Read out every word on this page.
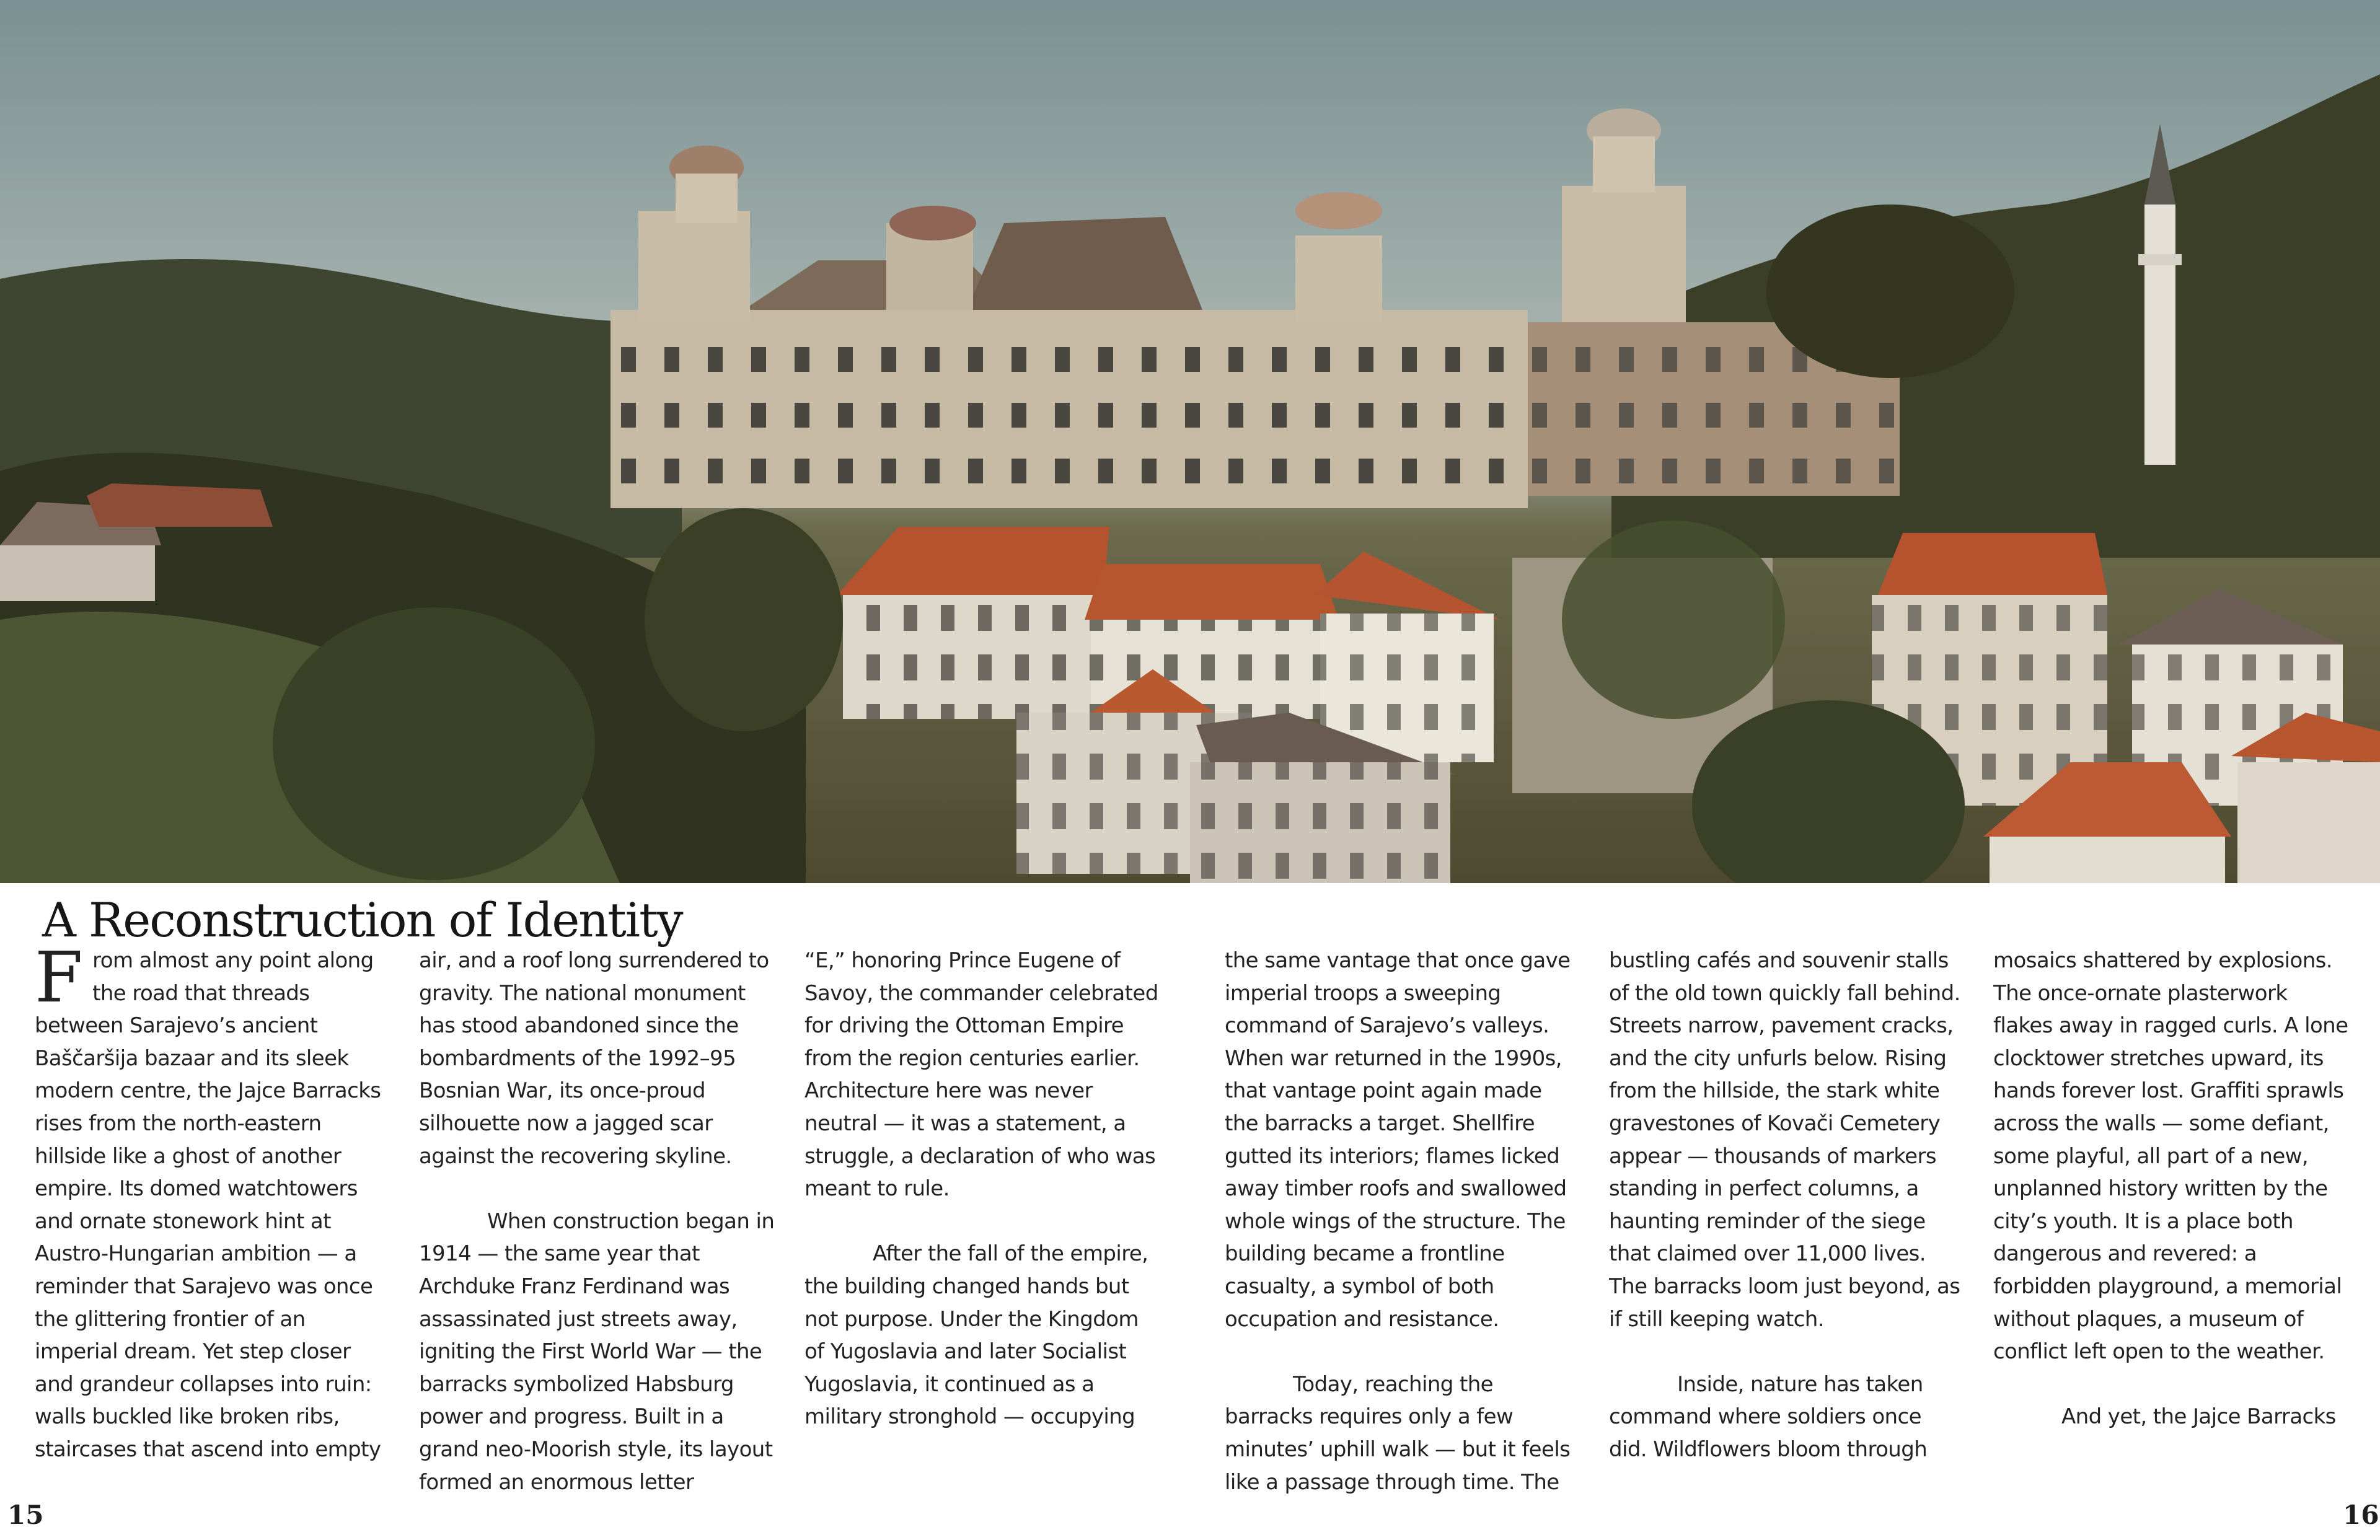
A Reconstruction of Identity

From almost any point along the road that threads between Sarajevo’s ancient Baščaršija bazaar and its sleek modern centre, the Jajce Barracks rises from the north-eastern hillside like a ghost of another empire. Its domed watchtowers and ornate stonework hint at Austro-Hungarian ambition — a reminder that Sarajevo was once the glittering frontier of an imperial dream. Yet step closer and grandeur collapses into ruin: walls buckled like broken ribs, staircases that ascend into empty

air, and a roof long surrendered to gravity. The national monument has stood abandoned since the bombardments of the 1992–95 Bosnian War, its once-proud silhouette now a jagged scar against the recovering skyline.

When construction began in 1914 — the same year that Archduke Franz Ferdinand was assassinated just streets away, igniting the First World War — the barracks symbolized Habsburg power and progress. Built in a grand neo-Moorish style, its layout formed an enormous letter

“E,” honoring Prince Eugene of Savoy, the commander celebrated for driving the Ottoman Empire from the region centuries earlier. Architecture here was never neutral — it was a statement, a struggle, a declaration of who was meant to rule.

After the fall of the empire, the building changed hands but not purpose. Under the Kingdom of Yugoslavia and later Socialist Yugoslavia, it continued as a military stronghold — occupying

the same vantage that once gave imperial troops a sweeping command of Sarajevo’s valleys. When war returned in the 1990s, that vantage point again made the barracks a target. Shellfire gutted its interiors; flames licked away timber roofs and swallowed whole wings of the structure. The building became a frontline casualty, a symbol of both occupation and resistance.

Today, reaching the barracks requires only a few minutes’ uphill walk — but it feels like a passage through time. The

bustling cafés and souvenir stalls of the old town quickly fall behind. Streets narrow, pavement cracks, and the city unfurls below. Rising from the hillside, the stark white gravestones of Kovači Cemetery appear — thousands of markers standing in perfect columns, a haunting reminder of the siege that claimed over 11,000 lives. The barracks loom just beyond, as if still keeping watch.

Inside, nature has taken command where soldiers once did. Wildflowers bloom through

mosaics shattered by explosions. The once-ornate plasterwork flakes away in ragged curls. A lone clocktower stretches upward, its hands forever lost. Graffiti sprawls across the walls — some defiant, some playful, all part of a new, unplanned history written by the city’s youth. It is a place both dangerous and revered: a forbidden playground, a memorial without plaques, a museum of conflict left open to the weather.

And yet, the Jajce Barracks

15	16
